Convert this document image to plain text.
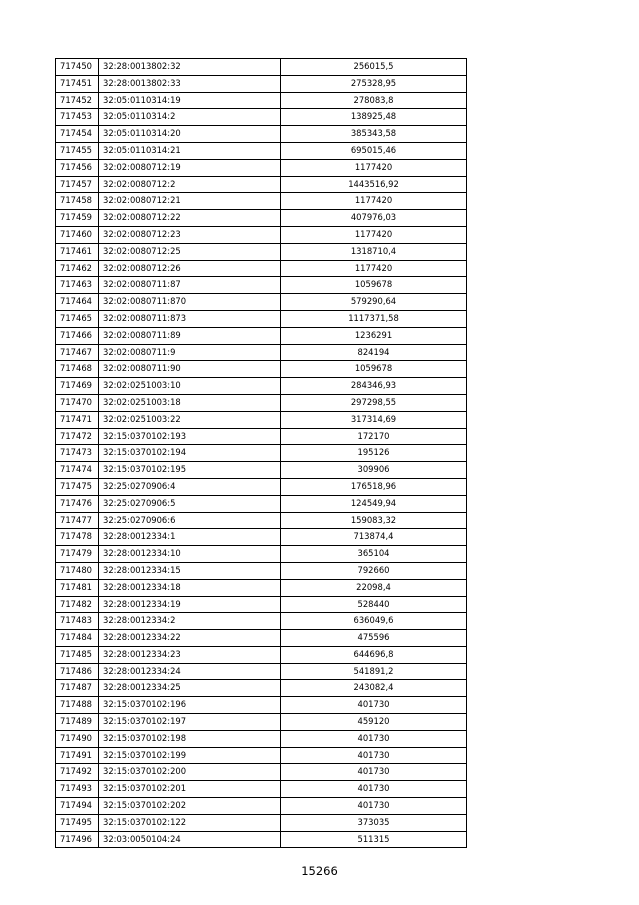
717450	32:28:0013802:32	256015,5
717451	32:28:0013802:33	275328,95
717452	32:05:0110314:19	278083,8
717453	32:05:0110314:2	138925,48
717454	32:05:0110314:20	385343,58
717455	32:05:0110314:21	695015,46
717456	32:02:0080712:19	1177420
717457	32:02:0080712:2	1443516,92
717458	32:02:0080712:21	1177420
717459	32:02:0080712:22	407976,03
717460	32:02:0080712:23	1177420
717461	32:02:0080712:25	1318710,4
717462	32:02:0080712:26	1177420
717463	32:02:0080711:87	1059678
717464	32:02:0080711:870	579290,64
717465	32:02:0080711:873	1117371,58
717466	32:02:0080711:89	1236291
717467	32:02:0080711:9	824194
717468	32:02:0080711:90	1059678
717469	32:02:0251003:10	284346,93
717470	32:02:0251003:18	297298,55
717471	32:02:0251003:22	317314,69
717472	32:15:0370102:193	172170
717473	32:15:0370102:194	195126
717474	32:15:0370102:195	309906
717475	32:25:0270906:4	176518,96
717476	32:25:0270906:5	124549,94
717477	32:25:0270906:6	159083,32
717478	32:28:0012334:1	713874,4
717479	32:28:0012334:10	365104
717480	32:28:0012334:15	792660
717481	32:28:0012334:18	22098,4
717482	32:28:0012334:19	528440
717483	32:28:0012334:2	636049,6
717484	32:28:0012334:22	475596
717485	32:28:0012334:23	644696,8
717486	32:28:0012334:24	541891,2
717487	32:28:0012334:25	243082,4
717488	32:15:0370102:196	401730
717489	32:15:0370102:197	459120
717490	32:15:0370102:198	401730
717491	32:15:0370102:199	401730
717492	32:15:0370102:200	401730
717493	32:15:0370102:201	401730
717494	32:15:0370102:202	401730
717495	32:15:0370102:122	373035
717496	32:03:0050104:24	511315
15266
